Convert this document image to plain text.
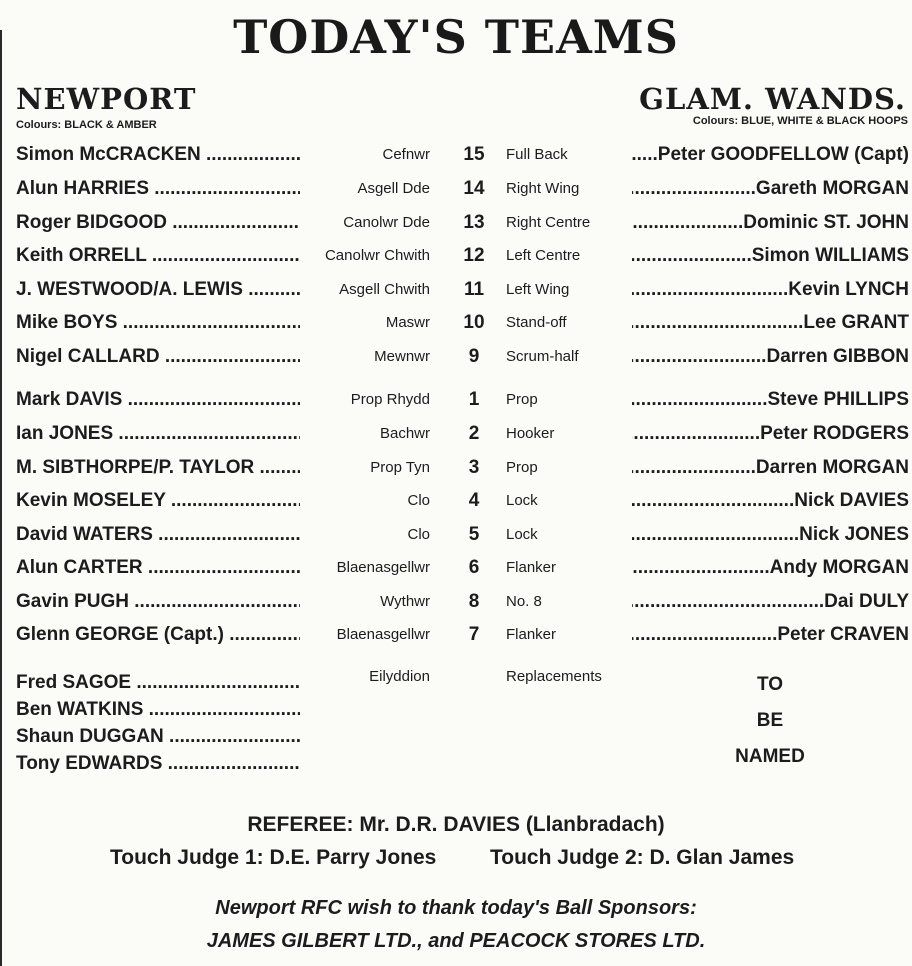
TODAY'S TEAMS
NEWPORT
Colours: BLACK & AMBER
GLAM. WANDS.
Colours: BLUE, WHITE & BLACK HOOPS
Simon McCRACKEN .....	Cefnwr	15	Full Back .....	Peter GOODFELLOW (Capt)
Alun HARRIES .....	Asgell Dde	14	Right Wing .....	Gareth MORGAN
Roger BIDGOOD .....	Canolwr Dde	13	Right Centre .....	Dominic ST. JOHN
Keith ORRELL .....	Canolwr Chwith	12	Left Centre .....	Simon WILLIAMS
J. WESTWOOD/A. LEWIS .....	Asgell Chwith	11	Left Wing .....	Kevin LYNCH
Mike BOYS .....	Maswr	10	Stand-off .....	Lee GRANT
Nigel CALLARD .....	Mewnwr	9	Scrum-half .....	Darren GIBBON
Mark DAVIS .....	Prop Rhydd	1	Prop .....	Steve PHILLIPS
Ian JONES .....	Bachwr	2	Hooker .....	Peter RODGERS
M. SIBTHORPE/P. TAYLOR .....	Prop Tyn	3	Prop .....	Darren MORGAN
Kevin MOSELEY .....	Clo	4	Lock .....	Nick DAVIES
David WATERS .....	Clo	5	Lock .....	Nick JONES
Alun CARTER .....	Blaenasgellwr	6	Flanker .....	Andy MORGAN
Gavin PUGH .....	Wythwr	8	No. 8 .....	Dai DULY
Glenn GEORGE (Capt.) .....	Blaenasgellwr	7	Flanker .....	Peter CRAVEN
Fred SAGOE .....
Ben WATKINS .....
Shaun DUGGAN .....
Tony EDWARDS .....
Eilyddion	Replacements	TO
BE
NAMED
REFEREE: Mr. D.R. DAVIES (Llanbradach)
Touch Judge 1: D.E. Parry Jones	Touch Judge 2: D. Glan James
Newport RFC wish to thank today's Ball Sponsors:
JAMES GILBERT LTD., and PEACOCK STORES LTD.
